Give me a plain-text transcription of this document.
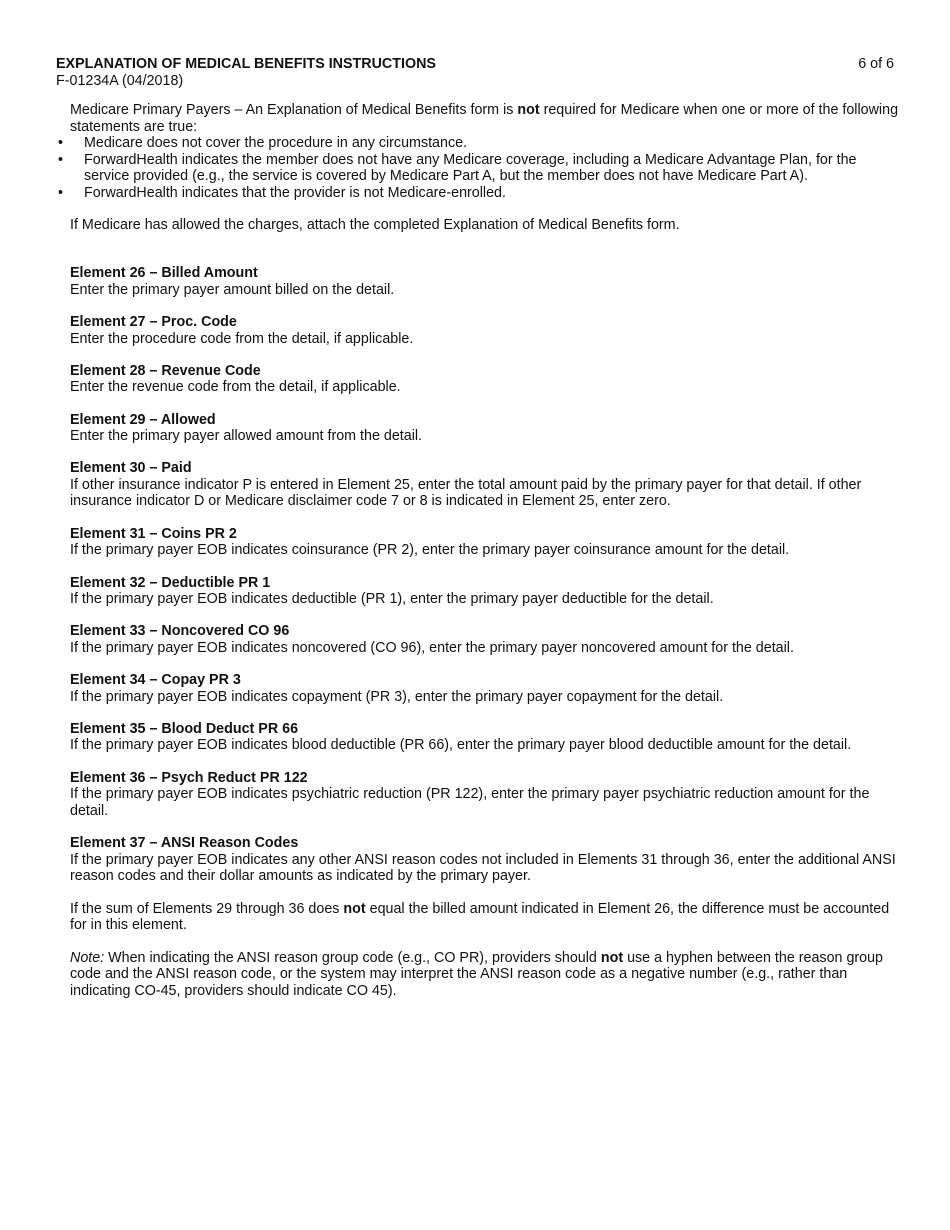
EXPLANATION OF MEDICAL BENEFITS INSTRUCTIONS	6 of 6
F-01234A (04/2018)

Medicare Primary Payers – An Explanation of Medical Benefits form is not required for Medicare when one or more of the following statements are true:

• Medicare does not cover the procedure in any circumstance.
• ForwardHealth indicates the member does not have any Medicare coverage, including a Medicare Advantage Plan, for the service provided (e.g., the service is covered by Medicare Part A, but the member does not have Medicare Part A).
• ForwardHealth indicates that the provider is not Medicare-enrolled.

If Medicare has allowed the charges, attach the completed Explanation of Medical Benefits form.

Element 26 – Billed Amount
Enter the primary payer amount billed on the detail.
Element 27 – Proc. Code
Enter the procedure code from the detail, if applicable.
Element 28 – Revenue Code
Enter the revenue code from the detail, if applicable.
Element 29 – Allowed
Enter the primary payer allowed amount from the detail.
Element 30 – Paid
If other insurance indicator P is entered in Element 25, enter the total amount paid by the primary payer for that detail. If other insurance indicator D or Medicare disclaimer code 7 or 8 is indicated in Element 25, enter zero.
Element 31 – Coins PR 2
If the primary payer EOB indicates coinsurance (PR 2), enter the primary payer coinsurance amount for the detail.
Element 32 – Deductible PR 1
If the primary payer EOB indicates deductible (PR 1), enter the primary payer deductible for the detail.
Element 33 – Noncovered CO 96
If the primary payer EOB indicates noncovered (CO 96), enter the primary payer noncovered amount for the detail.
Element 34 – Copay PR 3
If the primary payer EOB indicates copayment (PR 3), enter the primary payer copayment for the detail.
Element 35 – Blood Deduct PR 66
If the primary payer EOB indicates blood deductible (PR 66), enter the primary payer blood deductible amount for the detail.
Element 36 – Psych Reduct PR 122
If the primary payer EOB indicates psychiatric reduction (PR 122), enter the primary payer psychiatric reduction amount for the detail.
Element 37 – ANSI Reason Codes
If the primary payer EOB indicates any other ANSI reason codes not included in Elements 31 through 36, enter the additional ANSI reason codes and their dollar amounts as indicated by the primary payer.

If the sum of Elements 29 through 36 does not equal the billed amount indicated in Element 26, the difference must be accounted for in this element.

Note: When indicating the ANSI reason group code (e.g., CO PR), providers should not use a hyphen between the reason group code and the ANSI reason code, or the system may interpret the ANSI reason code as a negative number (e.g., rather than indicating CO-45, providers should indicate CO 45).
